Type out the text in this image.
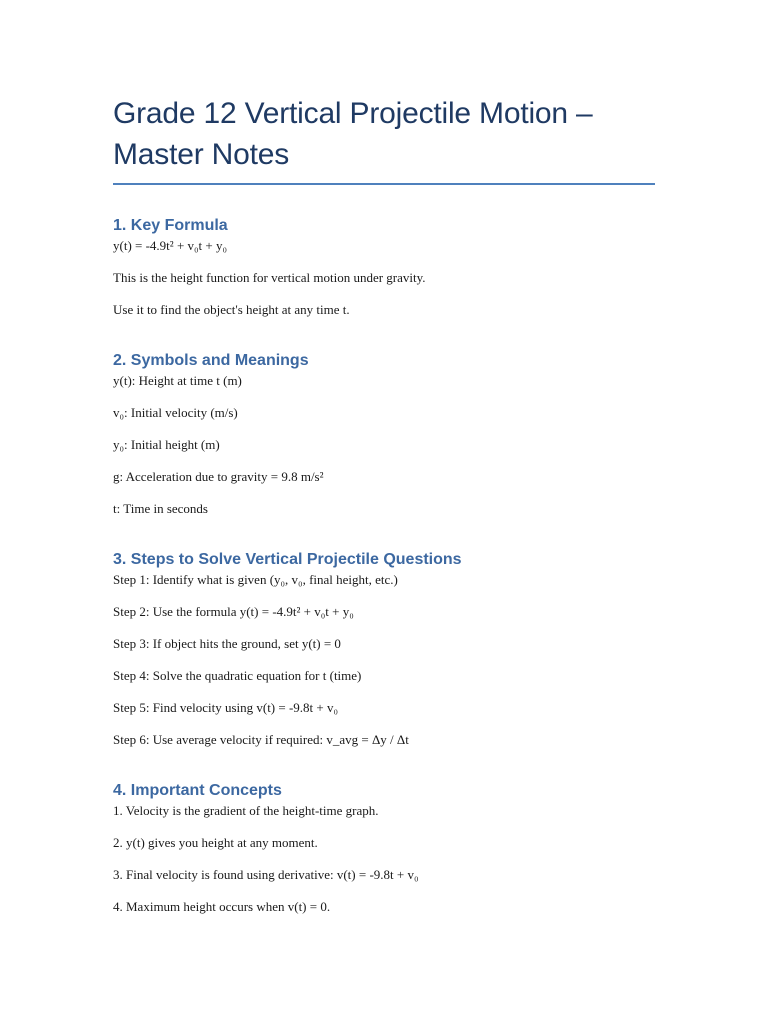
Grade 12 Vertical Projectile Motion – Master Notes
1. Key Formula

y(t) = -4.9t² + v₀t + y₀

This is the height function for vertical motion under gravity.

Use it to find the object's height at any time t.

2. Symbols and Meanings

y(t): Height at time t (m)

v₀: Initial velocity (m/s)

y₀: Initial height (m)

g: Acceleration due to gravity = 9.8 m/s²

t: Time in seconds

3. Steps to Solve Vertical Projectile Questions

Step 1: Identify what is given (y₀, v₀, final height, etc.)

Step 2: Use the formula y(t) = -4.9t² + v₀t + y₀

Step 3: If object hits the ground, set y(t) = 0

Step 4: Solve the quadratic equation for t (time)

Step 5: Find velocity using v(t) = -9.8t + v₀

Step 6: Use average velocity if required: v_avg = Δy / Δt

4. Important Concepts

1. Velocity is the gradient of the height-time graph.

2. y(t) gives you height at any moment.

3. Final velocity is found using derivative: v(t) = -9.8t + v₀

4. Maximum height occurs when v(t) = 0.
